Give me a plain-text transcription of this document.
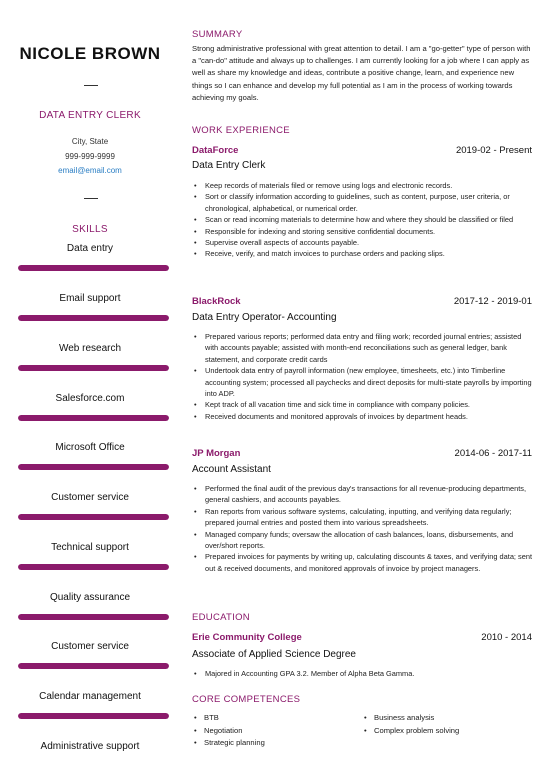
NICOLE BROWN
DATA ENTRY CLERK
City, State
999-999-9999
email@email.com
SKILLS
Data entry
Email support
Web research
Salesforce.com
Microsoft Office
Customer service
Technical support
Quality assurance
Customer service
Calendar management
Administrative support
SUMMARY

Strong administrative professional with great attention to detail. I am a "go-getter" type of person with a "can-do" attitude and always up to challenges. I am currently looking for a job where I can apply as well as share my knowledge and ideas, contribute a positive change, learn, and experience new things so I can enhance and develop my full potential as I am in the process of working towards achieving my goals.

WORK EXPERIENCE
DataForce	2019-02 - Present
Data Entry Clerk
• Keep records of materials filed or remove using logs and electronic records.
• Sort or classify information according to guidelines, such as content, purpose, user criteria, or chronological, alphabetical, or numerical order.
• Scan or read incoming materials to determine how and where they should be classified or filed
• Responsible for indexing and storing sensitive confidential documents.
• Supervise overall aspects of accounts payable.
• Receive, verify, and match invoices to purchase orders and packing slips.
BlackRock	2017-12 - 2019-01
Data Entry Operator- Accounting
• Prepared various reports; performed data entry and filing work; recorded journal entries; assisted with accounts payable; assisted with month-end reconciliations such as general ledger, bank statement, and corporate credit cards
• Undertook data entry of payroll information (new employee, timesheets, etc.) into Timberline accounting system; processed all paychecks and direct deposits for multi-state payrolls by importing into ADP.
• Kept track of all vacation time and sick time in compliance with company policies.
• Received documents and monitored approvals of invoices by department heads.
JP Morgan	2014-06 - 2017-11
Account Assistant
• Performed the final audit of the previous day's transactions for all revenue-producing departments, general cashiers, and accounts payables.
• Ran reports from various software systems, calculating, inputting, and verifying data regularly; prepared journal entries and posted them into various spreadsheets.
• Managed company funds; oversaw the allocation of cash balances, loans, disbursements, and over/short reports.
• Prepared invoices for payments by writing up, calculating discounts & taxes, and verifying data; sent out & received documents, and monitored approvals of invoice by project managers.
EDUCATION
Erie Community College	2010 - 2014
Associate of Applied Science Degree
• Majored in Accounting GPA 3.2. Member of Alpha Beta Gamma.
CORE COMPETENCES
• BTB
• Negotiation
• Strategic planning
• Business analysis
• Complex problem solving
